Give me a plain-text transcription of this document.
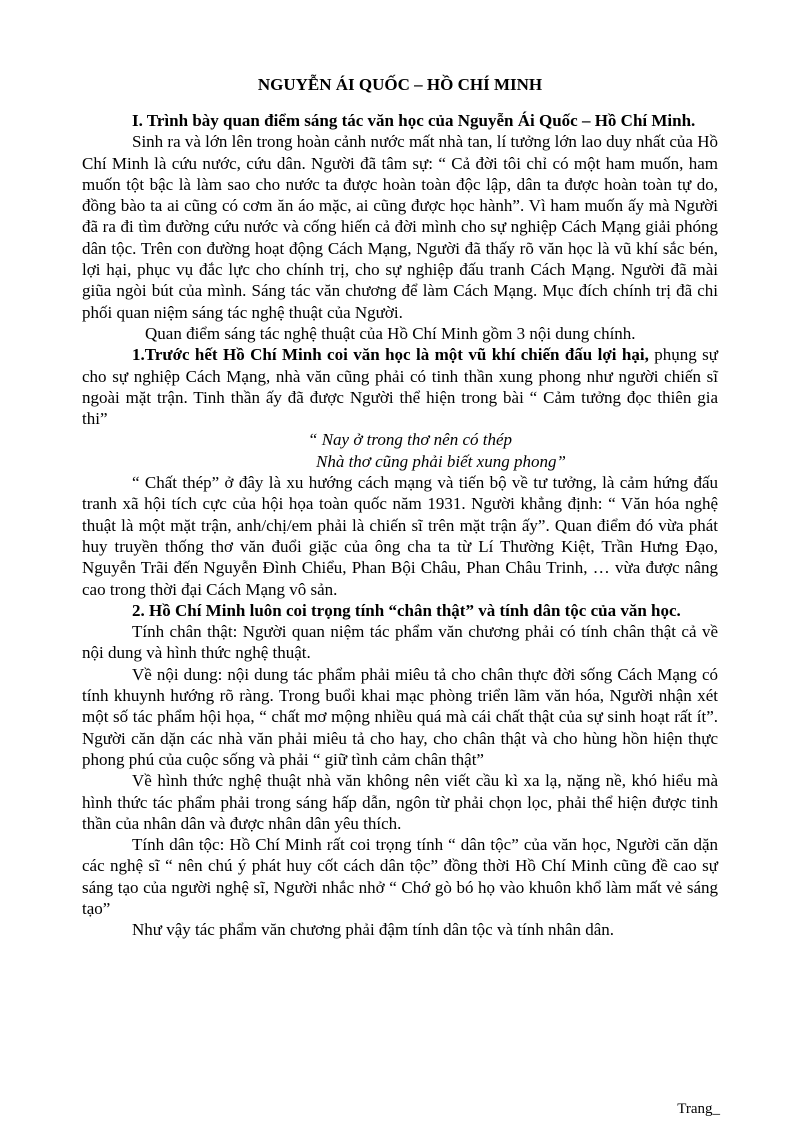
NGUYỄN ÁI QUỐC – HỒ CHÍ MINH

I. Trình bày quan điểm sáng tác văn học của Nguyễn Ái Quốc – Hồ Chí Minh.

Sinh ra và lớn lên trong hoàn cảnh nước mất nhà tan, lí tưởng lớn lao duy nhất của Hồ Chí Minh là cứu nước, cứu dân. Người đã tâm sự: “ Cả đời tôi chỉ có một ham muốn, ham muốn tột bậc là làm sao cho nước ta được hoàn toàn độc lập, dân ta được hoàn toàn tự do, đồng bào ta ai cũng có cơm ăn áo mặc, ai cũng được học hành”. Vì ham muốn ấy mà Người đã ra đi tìm đường cứu nước và cống hiến cả đời mình cho sự nghiệp Cách Mạng giải phóng dân tộc. Trên con đường hoạt động Cách Mạng, Người đã thấy rõ văn học là vũ khí sắc bén, lợi hại, phục vụ đắc lực cho chính trị, cho sự nghiệp đấu tranh Cách Mạng. Người đã mài giũa ngòi bút của mình. Sáng tác văn chương để làm Cách Mạng. Mục đích chính trị đã chi phối quan niệm sáng tác nghệ thuật của Người.

Quan điểm sáng tác nghệ thuật của Hồ Chí Minh gồm 3 nội dung chính.

1.Trước hết Hồ Chí Minh coi văn học là một vũ khí chiến đấu lợi hại, phụng sự cho sự nghiệp Cách Mạng, nhà văn cũng phải có tinh thần xung phong như người chiến sĩ ngoài mặt trận. Tinh thần ấy đã được Người thể hiện trong bài “ Cảm tưởng đọc thiên gia thi”

“ Nay ở trong thơ nên có thép
Nhà thơ cũng phải biết xung phong”

“ Chất thép” ở đây là xu hướng cách mạng và tiến bộ về tư tưởng, là cảm hứng đấu tranh xã hội tích cực của hội họa toàn quốc năm 1931. Người khẳng định: “ Văn hóa nghệ thuật là một mặt trận, anh/chị/em phải là chiến sĩ trên mặt trận ấy”. Quan điểm đó vừa phát huy truyền thống thơ văn đuổi giặc của ông cha ta từ Lí Thường Kiệt, Trần Hưng Đạo, Nguyễn Trãi đến Nguyễn Đình Chiểu, Phan Bội Châu, Phan Châu Trinh, … vừa được nâng cao trong thời đại Cách Mạng vô sản.

2. Hồ Chí Minh luôn coi trọng tính “chân thật” và tính dân tộc của văn học.

Tính chân thật: Người quan niệm tác phẩm văn chương phải có tính chân thật cả về nội dung và hình thức nghệ thuật.

Về nội dung: nội dung tác phẩm phải miêu tả cho chân thực đời sống Cách Mạng có tính khuynh hướng rõ ràng. Trong buổi khai mạc phòng triển lãm văn hóa, Người nhận xét một số tác phẩm hội họa, “ chất mơ mộng nhiều quá mà cái chất thật của sự sinh hoạt rất ít”. Người căn dặn các nhà văn phải miêu tả cho hay, cho chân thật và cho hùng hồn hiện thực phong phú của cuộc sống và phải “ giữ tình cảm chân thật”

Về hình thức nghệ thuật nhà văn không nên viết cầu kì xa lạ, nặng nề, khó hiểu mà hình thức tác phẩm phải trong sáng hấp dẫn, ngôn từ phải chọn lọc, phải thể hiện được tinh thần của nhân dân và được nhân dân yêu thích.

Tính dân tộc: Hồ Chí Minh rất coi trọng tính “ dân tộc” của văn học, Người căn dặn các nghệ sĩ “ nên chú ý phát huy cốt cách dân tộc” đồng thời Hồ Chí Minh cũng đề cao sự sáng tạo của người nghệ sĩ, Người nhắc nhở “ Chớ gò bó họ vào khuôn khổ làm mất vẻ sáng tạo”

Như vậy tác phẩm văn chương phải đậm tính dân tộc và tính nhân dân.

Trang_
